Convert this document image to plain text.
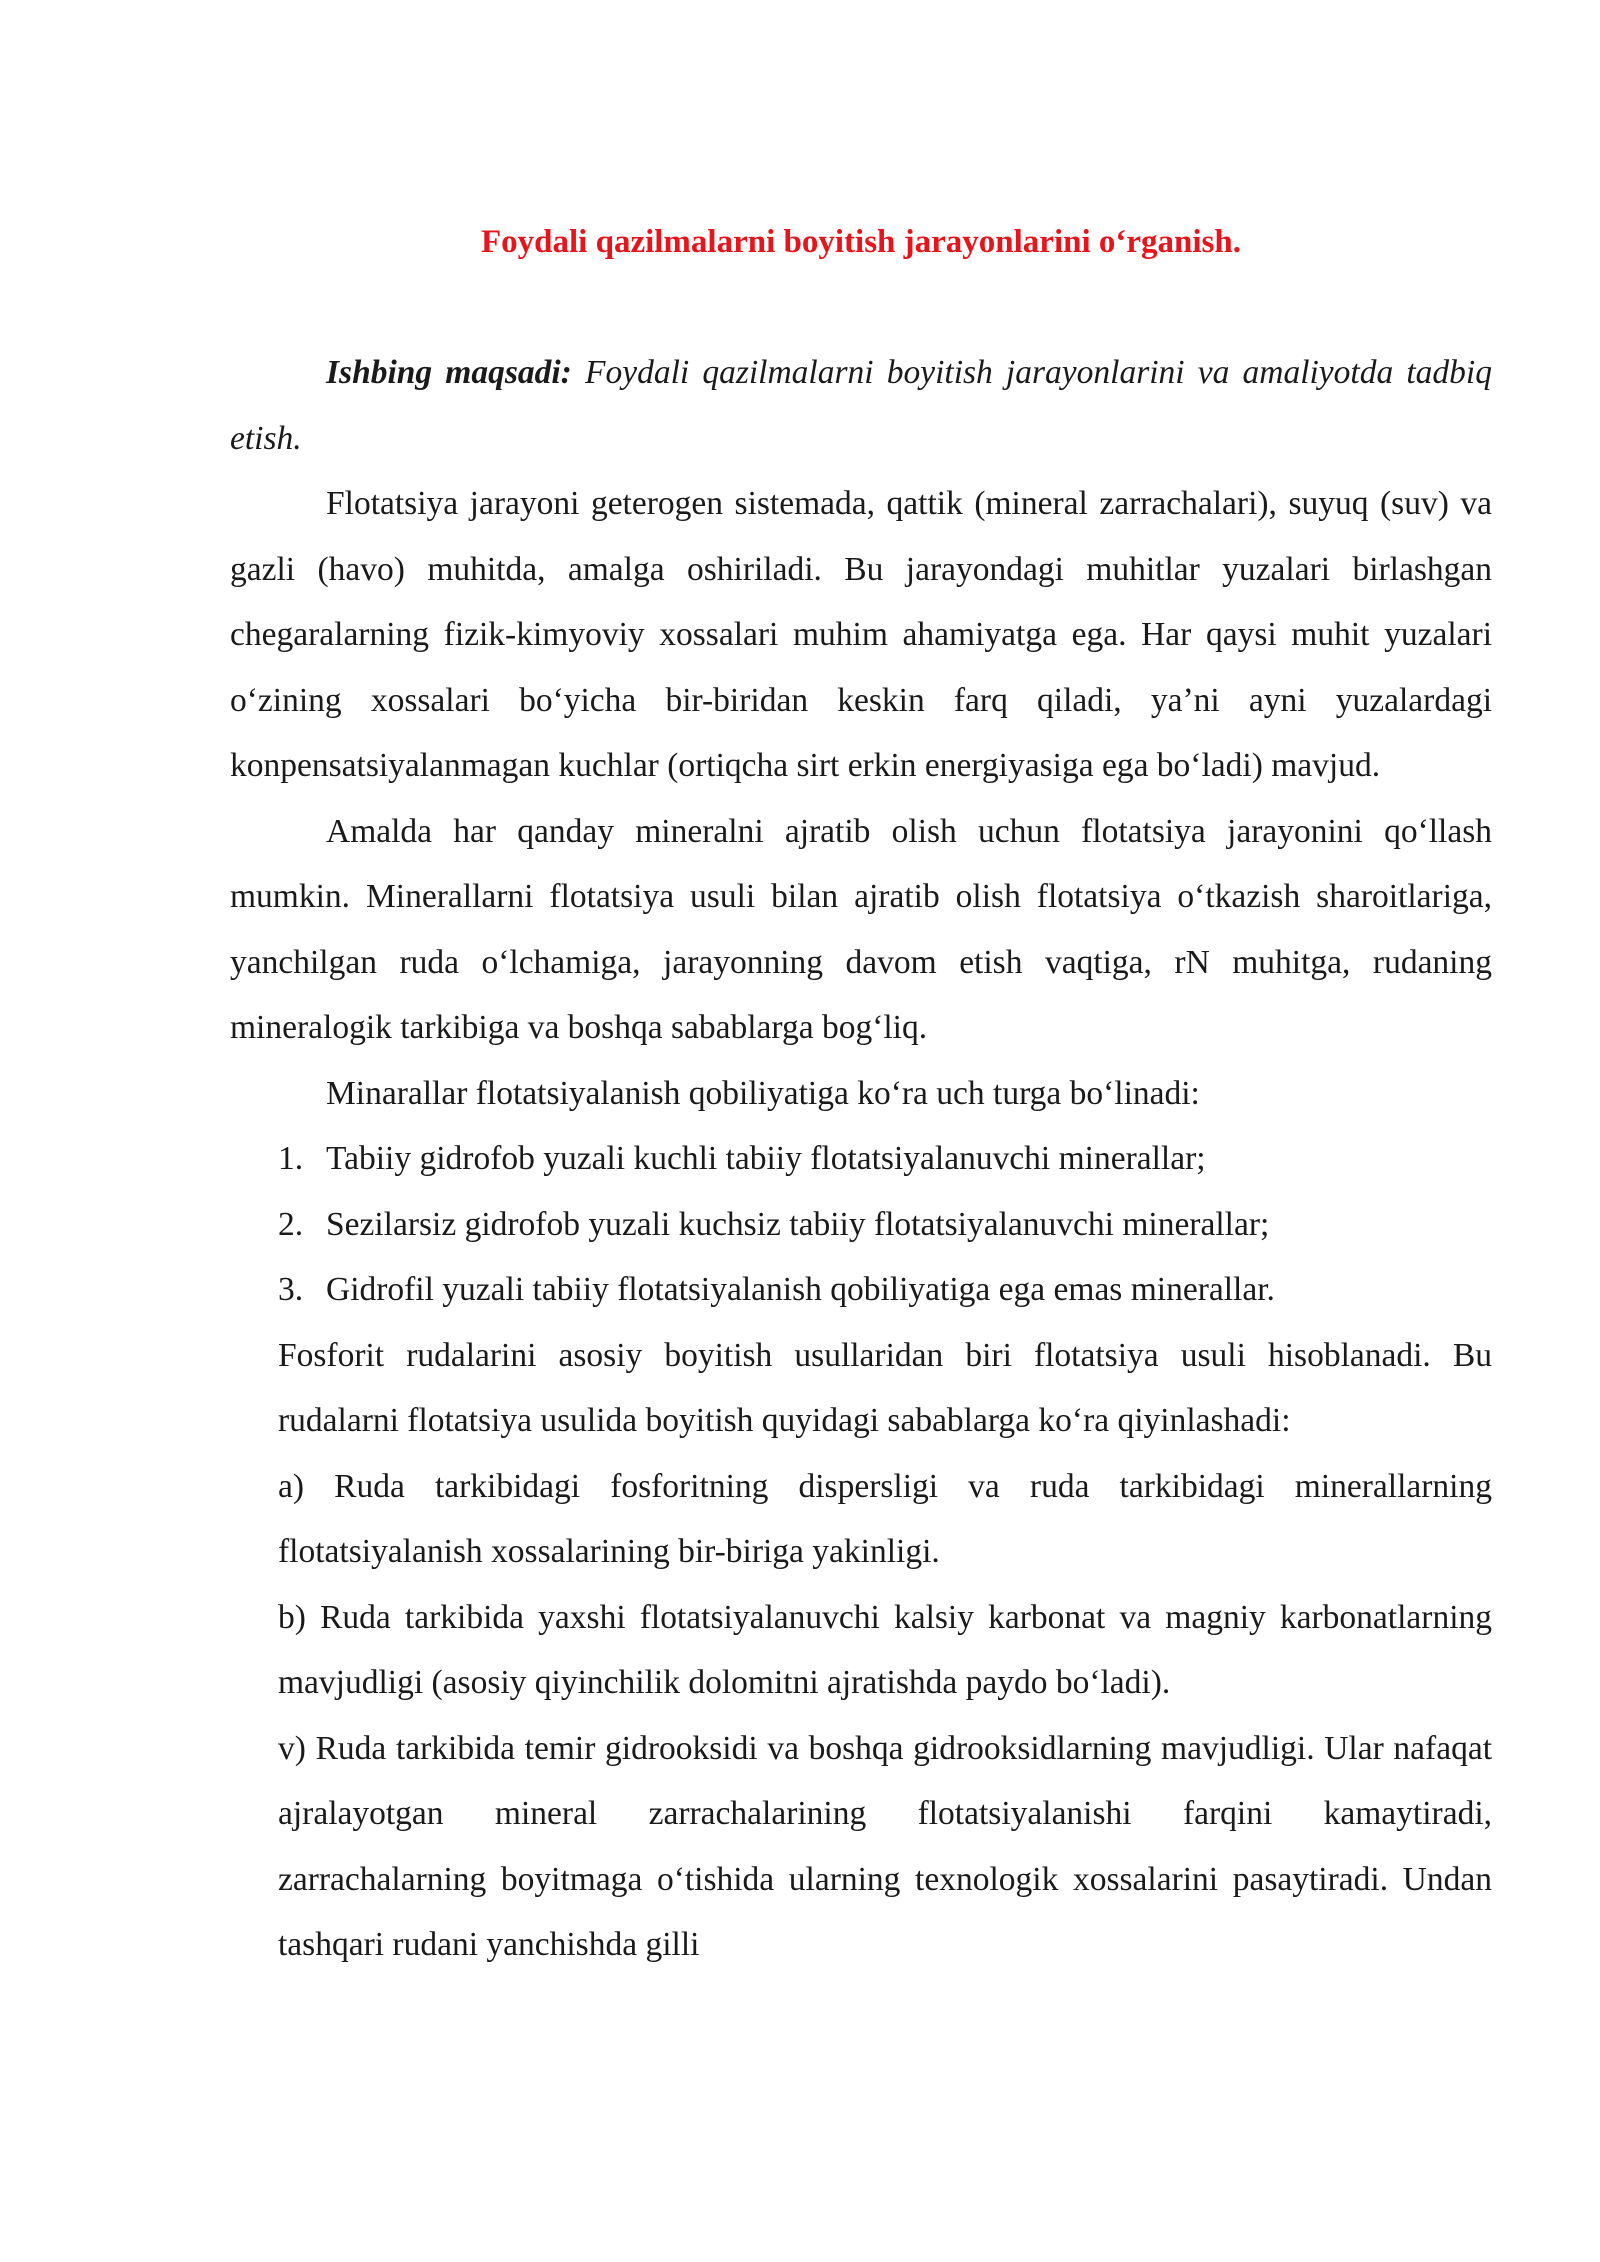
Foydali qazilmalarni boyitish jarayonlarini oʻrganish.

Ishbing maqsadi: Foydali qazilmalarni boyitish jarayonlarini va amaliyotda tadbiq etish.

Flotatsiya jarayoni geterogen sistemada, qattik (mineral zarrachalari), suyuq (suv) va gazli (havo) muhitda, amalga oshiriladi. Bu jarayondagi muhitlar yuzalari birlashgan chegaralarning fizik-kimyoviy xossalari muhim ahamiyatga ega. Har qaysi muhit yuzalari oʻzining xossalari boʻyicha bir-biridan keskin farq qiladi, yaʼni ayni yuzalardagi konpensatsiyalanmagan kuchlar (ortiqcha sirt erkin energiyasiga ega boʻladi) mavjud.

Amalda har qanday mineralni ajratib olish uchun flotatsiya jarayonini qoʻllash mumkin. Minerallarni flotatsiya usuli bilan ajratib olish flotatsiya oʻtkazish sharoitlariga, yanchilgan ruda oʻlchamiga, jarayonning davom etish vaqtiga, rN muhitga, rudaning mineralogik tarkibiga va boshqa sabablarga bogʻliq.

Minarallar flotatsiyalanish qobiliyatiga koʻra uch turga boʻlinadi:

1. Tabiiy gidrofob yuzali kuchli tabiiy flotatsiyalanuvchi minerallar;
2. Sezilarsiz gidrofob yuzali kuchsiz tabiiy flotatsiyalanuvchi minerallar;
3. Gidrofil yuzali tabiiy flotatsiyalanish qobiliyatiga ega emas minerallar.

Fosforit rudalarini asosiy boyitish usullaridan biri flotatsiya usuli hisoblanadi. Bu rudalarni flotatsiya usulida boyitish quyidagi sabablarga koʻra qiyinlashadi:

a) Ruda tarkibidagi fosforitning dispersligi va ruda tarkibidagi minerallarning flotatsiyalanish xossalarining bir-biriga yakinligi.

b) Ruda tarkibida yaxshi flotatsiyalanuvchi kalsiy karbonat va magniy karbonatlarning mavjudligi (asosiy qiyinchilik dolomitni ajratishda paydo boʻladi).

v) Ruda tarkibida temir gidrooksidi va boshqa gidrooksidlarning mavjudligi. Ular nafaqat ajralayotgan mineral zarrachalarining flotatsiyalanishi farqini kamaytiradi, zarrachalarning boyitmaga oʻtishida ularning texnologik xossalarini pasaytiradi. Undan tashqari rudani yanchishda gilli
